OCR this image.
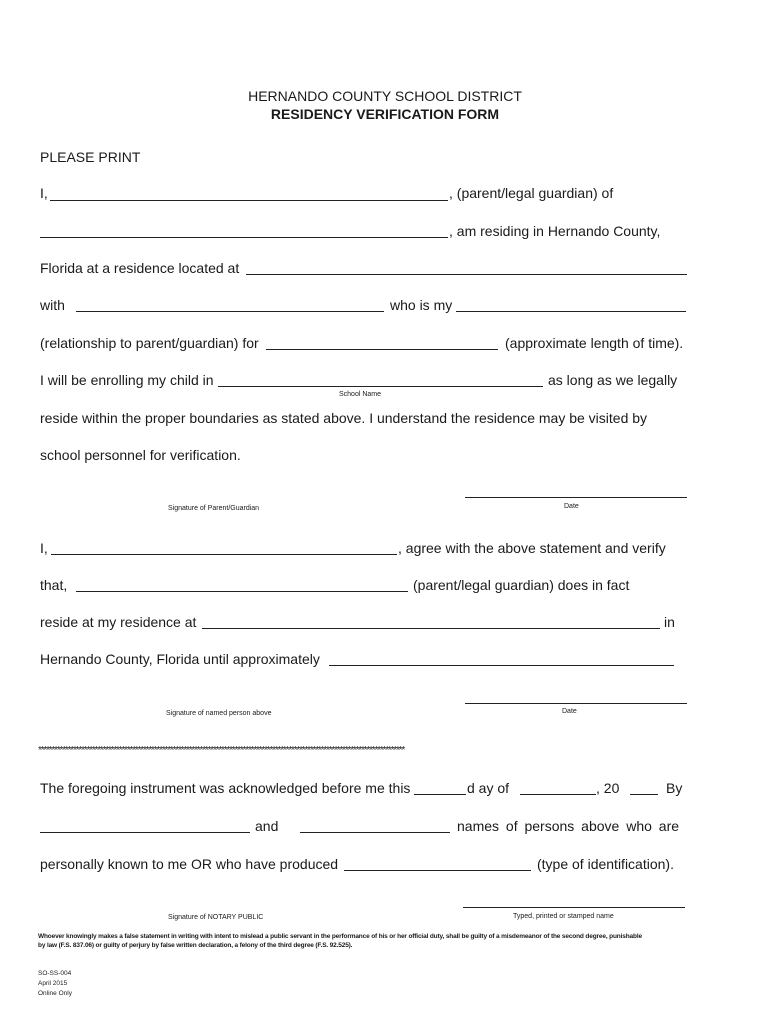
HERNANDO COUNTY SCHOOL DISTRICT
RESIDENCY VERIFICATION FORM
PLEASE PRINT
I,	, (parent/legal guardian) of
, am residing in Hernando County,
Florida at a residence located at
with	who is my
(relationship to parent/guardian) for	(approximate length of time).
I will be enrolling my child in	as long as we legally
School Name
reside within the proper boundaries as stated above. I understand the residence may be visited by
school personnel for verification.
Signature of Parent/Guardian	Date
I,	, agree with the above statement and verify
that,	(parent/legal guardian) does in fact
reside at my residence at	in
Hernando County, Florida until approximately
Signature of named person above	Date
****************************************************************************************************************************************
The foregoing instrument was acknowledged before me this	d ay of	, 20	By
and	names of persons above who are
personally known to me OR who have produced	(type of identification).
Signature of NOTARY PUBLIC	Typed, printed or stamped name
Whoever knowingly makes a false statement in writing with intent to mislead a public servant in the performance of his or her official duty, shall be guilty of a misdemeanor of the second degree, punishable
by law (F.S. 837.06) or guilty of perjury by false written declaration, a felony of the third degree (F.S. 92.525).
SO-SS-004
April 2015
Online Only
